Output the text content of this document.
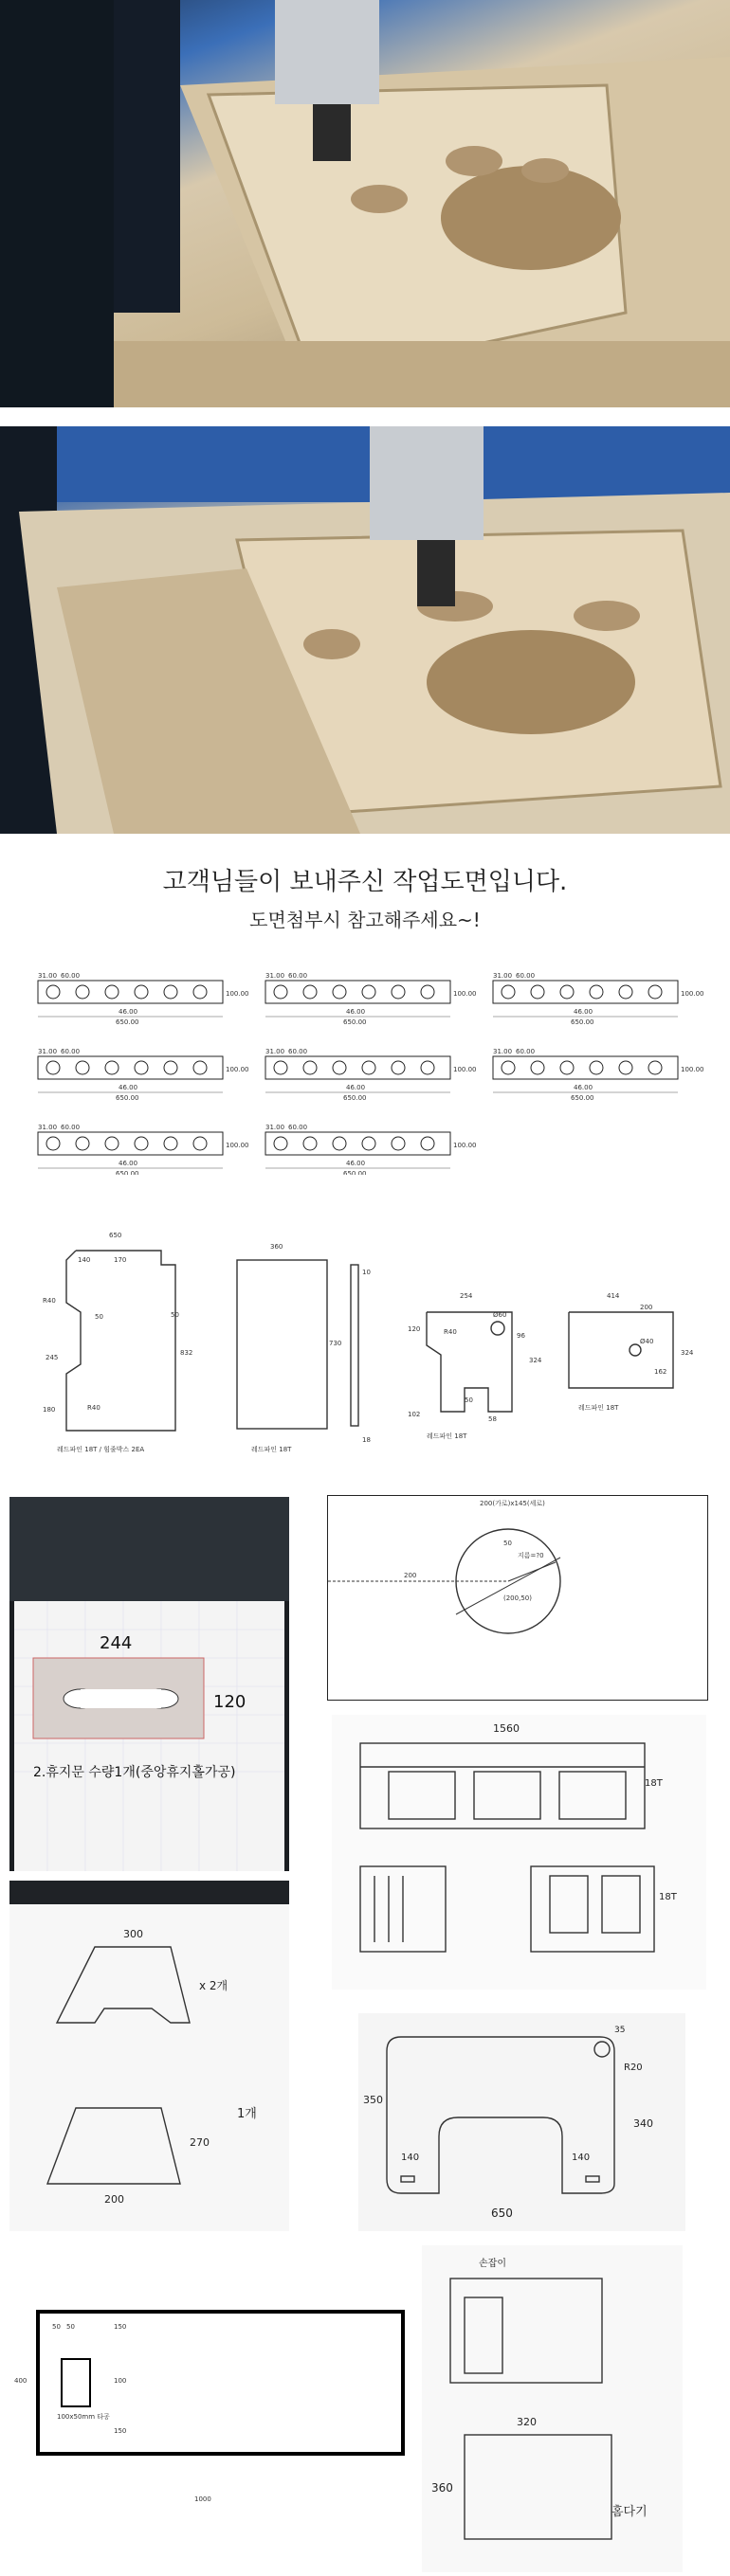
고객님들이 보내주신 작업도면입니다.
도면첨부시 참고해주세요~!
31.00 60.00
100.00
46.00
650.00
31.00 60.00
100.00
46.00
650.00
31.00 60.00
100.00
46.00
650.00
31.00 60.00
100.00
46.00
650.00
31.00 60.00
100.00
46.00
650.00
31.00 60.00
100.00
46.00
650.00
31.00 60.00
100.00
46.00
650.00
31.00 60.00
100.00
46.00
650.00
650
140	170
R40
50	50
245
832
180	R40
레드파인 18T / 힘줄박스 2EA
360
730
레드파인 18T
10
18
254
R40
Ø60
120
96
324
102
50
58
레드파인 18T
414
200
Ø40
162
324
레드파인 18T
244
120
2.휴지문 수량1개(중앙휴지홀가공)
200(가로)x145(세로)
50
지름=?0
200
(200,50)
1560
18T
18T
300
x 2개
200
270
1개
350
35
R20
340
140	140
650
50 50	150
100
150
400
1000
100x50mm 타공
손잡이
홈다기
360
320
